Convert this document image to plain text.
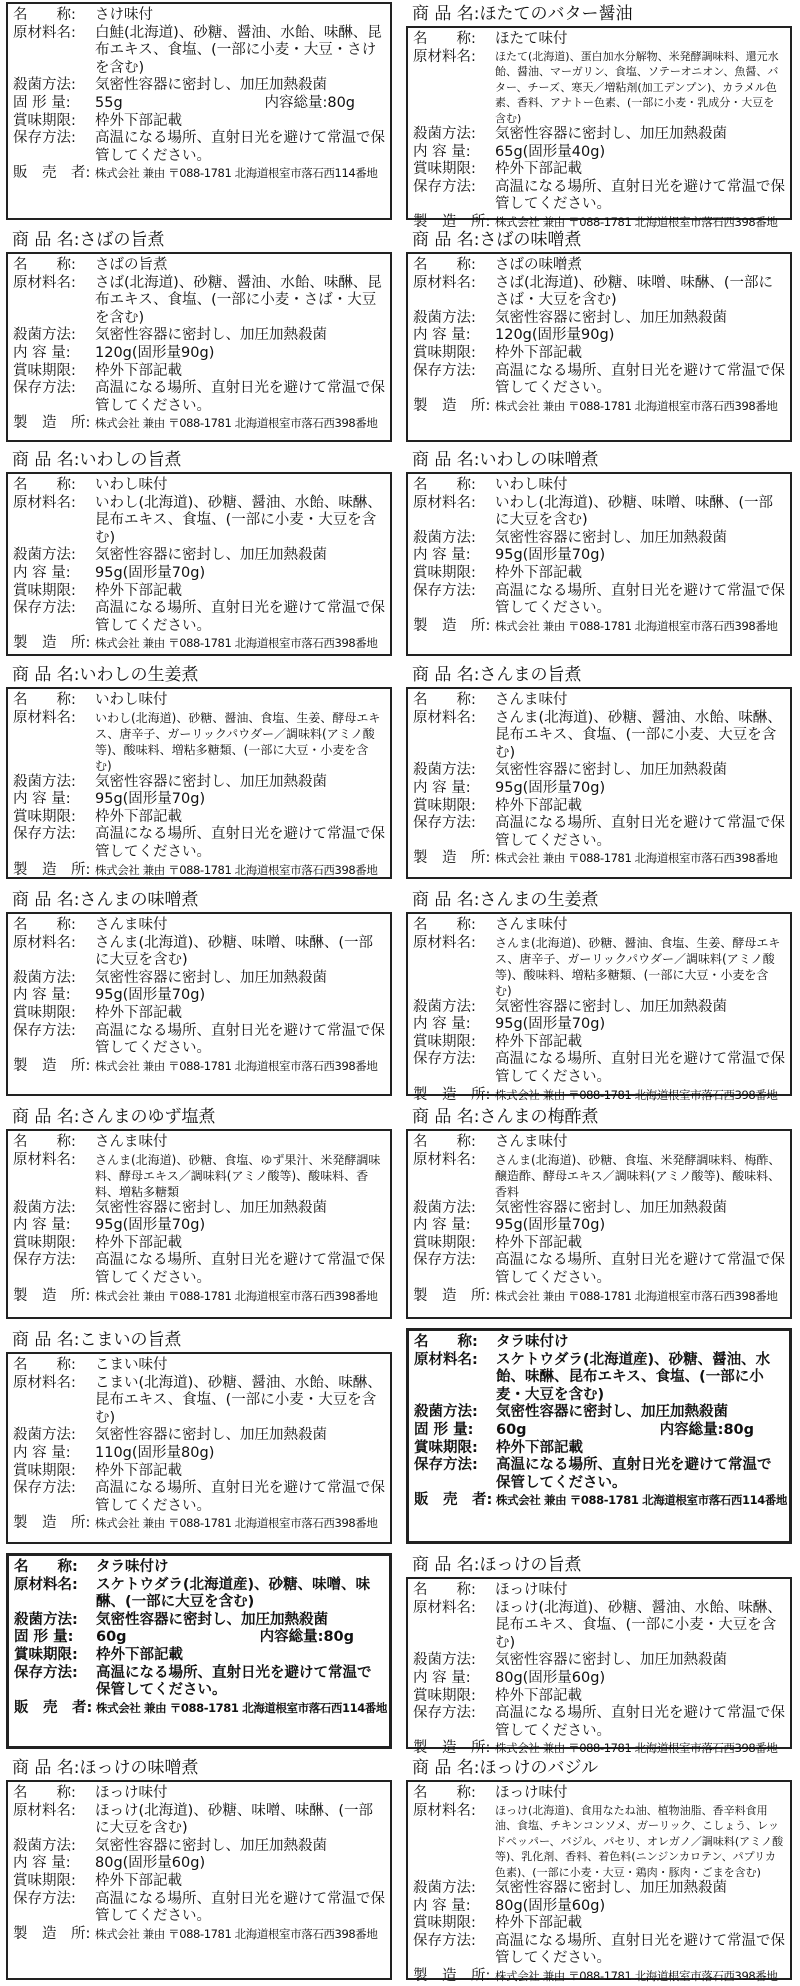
名　　称:	さけ味付
原材料名:	白鮭(北海道)、砂糖、醤油、水飴、味醂、昆布エキス、食塩、(一部に小麦・大豆・さけを含む)
殺菌方法:	気密性容器に密封し、加圧加熱殺菌
固 形 量:	55g	内容総量:80g
賞味期限:	枠外下部記載
保存方法:	高温になる場所、直射日光を避けて常温で保管してください。
販　売　者: 株式会社 兼由 〒088-1781 北海道根室市落石西114番地
商 品 名:さばの旨煮
名　　称:	さばの旨煮
原材料名:	さば(北海道)、砂糖、醤油、水飴、味醂、昆布エキス、食塩、(一部に小麦・さば・大豆を含む)
殺菌方法:	気密性容器に密封し、加圧加熱殺菌
内 容 量:	120g(固形量90g)
賞味期限:	枠外下部記載
保存方法:	高温になる場所、直射日光を避けて常温で保管してください。
製　造　所: 株式会社 兼由 〒088-1781 北海道根室市落石西398番地
商 品 名:いわしの旨煮
名　　称:	いわし味付
原材料名:	いわし(北海道)、砂糖、醤油、水飴、味醂、昆布エキス、食塩、(一部に小麦・大豆を含む)
殺菌方法:	気密性容器に密封し、加圧加熱殺菌
内 容 量:	95g(固形量70g)
賞味期限:	枠外下部記載
保存方法:	高温になる場所、直射日光を避けて常温で保管してください。
製　造　所: 株式会社 兼由 〒088-1781 北海道根室市落石西398番地
商 品 名:いわしの生姜煮
名　　称:	いわし味付
原材料名:	いわし(北海道)、砂糖、醤油、食塩、生姜、酵母エキス、唐辛子、ガーリックパウダー／調味料(アミノ酸等)、酸味料、増粘多糖類、(一部に大豆・小麦を含む)
殺菌方法:	気密性容器に密封し、加圧加熱殺菌
内 容 量:	95g(固形量70g)
賞味期限:	枠外下部記載
保存方法:	高温になる場所、直射日光を避けて常温で保管してください。
製　造　所: 株式会社 兼由 〒088-1781 北海道根室市落石西398番地
商 品 名:さんまの味噌煮
名　　称:	さんま味付
原材料名:	さんま(北海道)、砂糖、味噌、味醂、(一部に大豆を含む)
殺菌方法:	気密性容器に密封し、加圧加熱殺菌
内 容 量:	95g(固形量70g)
賞味期限:	枠外下部記載
保存方法:	高温になる場所、直射日光を避けて常温で保管してください。
製　造　所: 株式会社 兼由 〒088-1781 北海道根室市落石西398番地
商 品 名:さんまのゆず塩煮
名　　称:	さんま味付
原材料名:	さんま(北海道)、砂糖、食塩、ゆず果汁、米発酵調味料、酵母エキス／調味料(アミノ酸等)、酸味料、香料、増粘多糖類
殺菌方法:	気密性容器に密封し、加圧加熱殺菌
内 容 量:	95g(固形量70g)
賞味期限:	枠外下部記載
保存方法:	高温になる場所、直射日光を避けて常温で保管してください。
製　造　所: 株式会社 兼由 〒088-1781 北海道根室市落石西398番地
商 品 名:こまいの旨煮
名　　称:	こまい味付
原材料名:	こまい(北海道)、砂糖、醤油、水飴、味醂、昆布エキス、食塩、(一部に小麦・大豆を含む)
殺菌方法:	気密性容器に密封し、加圧加熱殺菌
内 容 量:	110g(固形量80g)
賞味期限:	枠外下部記載
保存方法:	高温になる場所、直射日光を避けて常温で保管してください。
製　造　所: 株式会社 兼由 〒088-1781 北海道根室市落石西398番地
名　　称:	タラ味付け
原材料名:	スケトウダラ(北海道産)、砂糖、味噌、味醂、(一部に大豆を含む)
殺菌方法:	気密性容器に密封し、加圧加熱殺菌
固 形 量:	60g	内容総量:80g
賞味期限:	枠外下部記載
保存方法:	高温になる場所、直射日光を避けて常温で保管してください。
販　売　者: 株式会社 兼由 〒088-1781 北海道根室市落石西114番地
商 品 名:ほっけの味噌煮
名　　称:	ほっけ味付
原材料名:	ほっけ(北海道)、砂糖、味噌、味醂、(一部に大豆を含む)
殺菌方法:	気密性容器に密封し、加圧加熱殺菌
内 容 量:	80g(固形量60g)
賞味期限:	枠外下部記載
保存方法:	高温になる場所、直射日光を避けて常温で保管してください。
製　造　所: 株式会社 兼由 〒088-1781 北海道根室市落石西398番地
商 品 名:ほたてのバター醤油
名　　称:	ほたて味付
原材料名:	ほたて(北海道)、蛋白加水分解物、米発酵調味料、還元水飴、醤油、マーガリン、食塩、ソテーオニオン、魚醤、バター、チーズ、寒天／増粘剤(加工デンプン)、カラメル色素、香料、アナトー色素、(一部に小麦・乳成分・大豆を含む)
殺菌方法:	気密性容器に密封し、加圧加熱殺菌
内 容 量:	65g(固形量40g)
賞味期限:	枠外下部記載
保存方法:	高温になる場所、直射日光を避けて常温で保管してください。
製　造　所: 株式会社 兼由 〒088-1781 北海道根室市落石西398番地
商 品 名:さばの味噌煮
名　　称:	さばの味噌煮
原材料名:	さば(北海道)、砂糖、味噌、味醂、(一部にさば・大豆を含む)
殺菌方法:	気密性容器に密封し、加圧加熱殺菌
内 容 量:	120g(固形量90g)
賞味期限:	枠外下部記載
保存方法:	高温になる場所、直射日光を避けて常温で保管してください。
製　造　所: 株式会社 兼由 〒088-1781 北海道根室市落石西398番地
商 品 名:いわしの味噌煮
名　　称:	いわし味付
原材料名:	いわし(北海道)、砂糖、味噌、味醂、(一部に大豆を含む)
殺菌方法:	気密性容器に密封し、加圧加熱殺菌
内 容 量:	95g(固形量70g)
賞味期限:	枠外下部記載
保存方法:	高温になる場所、直射日光を避けて常温で保管してください。
製　造　所: 株式会社 兼由 〒088-1781 北海道根室市落石西398番地
商 品 名:さんまの旨煮
名　　称:	さんま味付
原材料名:	さんま(北海道)、砂糖、醤油、水飴、味醂、昆布エキス、食塩、(一部に小麦、大豆を含む)
殺菌方法:	気密性容器に密封し、加圧加熱殺菌
内 容 量:	95g(固形量70g)
賞味期限:	枠外下部記載
保存方法:	高温になる場所、直射日光を避けて常温で保管してください。
製　造　所: 株式会社 兼由 〒088-1781 北海道根室市落石西398番地
商 品 名:さんまの生姜煮
名　　称:	さんま味付
原材料名:	さんま(北海道)、砂糖、醤油、食塩、生姜、酵母エキス、唐辛子、ガーリックパウダー／調味料(アミノ酸等)、酸味料、増粘多糖類、(一部に大豆・小麦を含む)
殺菌方法:	気密性容器に密封し、加圧加熱殺菌
内 容 量:	95g(固形量70g)
賞味期限:	枠外下部記載
保存方法:	高温になる場所、直射日光を避けて常温で保管してください。
製　造　所: 株式会社 兼由 〒088-1781 北海道根室市落石西398番地
商 品 名:さんまの梅酢煮
名　　称:	さんま味付
原材料名:	さんま(北海道)、砂糖、食塩、米発酵調味料、梅酢、醸造酢、酵母エキス／調味料(アミノ酸等)、酸味料、香料
殺菌方法:	気密性容器に密封し、加圧加熱殺菌
内 容 量:	95g(固形量70g)
賞味期限:	枠外下部記載
保存方法:	高温になる場所、直射日光を避けて常温で保管してください。
製　造　所: 株式会社 兼由 〒088-1781 北海道根室市落石西398番地
名　　称:	タラ味付け
原材料名:	スケトウダラ(北海道産)、砂糖、醤油、水飴、味醂、昆布エキス、食塩、(一部に小麦・大豆を含む)
殺菌方法:	気密性容器に密封し、加圧加熱殺菌
固 形 量:	60g	内容総量:80g
賞味期限:	枠外下部記載
保存方法:	高温になる場所、直射日光を避けて常温で保管してください。
販　売　者: 株式会社 兼由 〒088-1781 北海道根室市落石西114番地
商 品 名:ほっけの旨煮
名　　称:	ほっけ味付
原材料名:	ほっけ(北海道)、砂糖、醤油、水飴、味醂、昆布エキス、食塩、(一部に小麦・大豆を含む)
殺菌方法:	気密性容器に密封し、加圧加熱殺菌
内 容 量:	80g(固形量60g)
賞味期限:	枠外下部記載
保存方法:	高温になる場所、直射日光を避けて常温で保管してください。
製　造　所: 株式会社 兼由 〒088-1781 北海道根室市落石西398番地
商 品 名:ほっけのバジル
名　　称:	ほっけ味付
原材料名:	ほっけ(北海道)、食用なたね油、植物油脂、香辛料食用油、食塩、チキンコンソメ、ガーリック、こしょう、レッドペッパー、バジル、パセリ、オレガノ／調味料(アミノ酸等)、乳化剤、香料、着色料(ニンジンカロテン、パプリカ色素)、(一部に小麦・大豆・鶏肉・豚肉・ごまを含む)
殺菌方法:	気密性容器に密封し、加圧加熱殺菌
内 容 量:	80g(固形量60g)
賞味期限:	枠外下部記載
保存方法:	高温になる場所、直射日光を避けて常温で保管してください。
製　造　所: 株式会社 兼由 〒088-1781 北海道根室市落石西398番地
